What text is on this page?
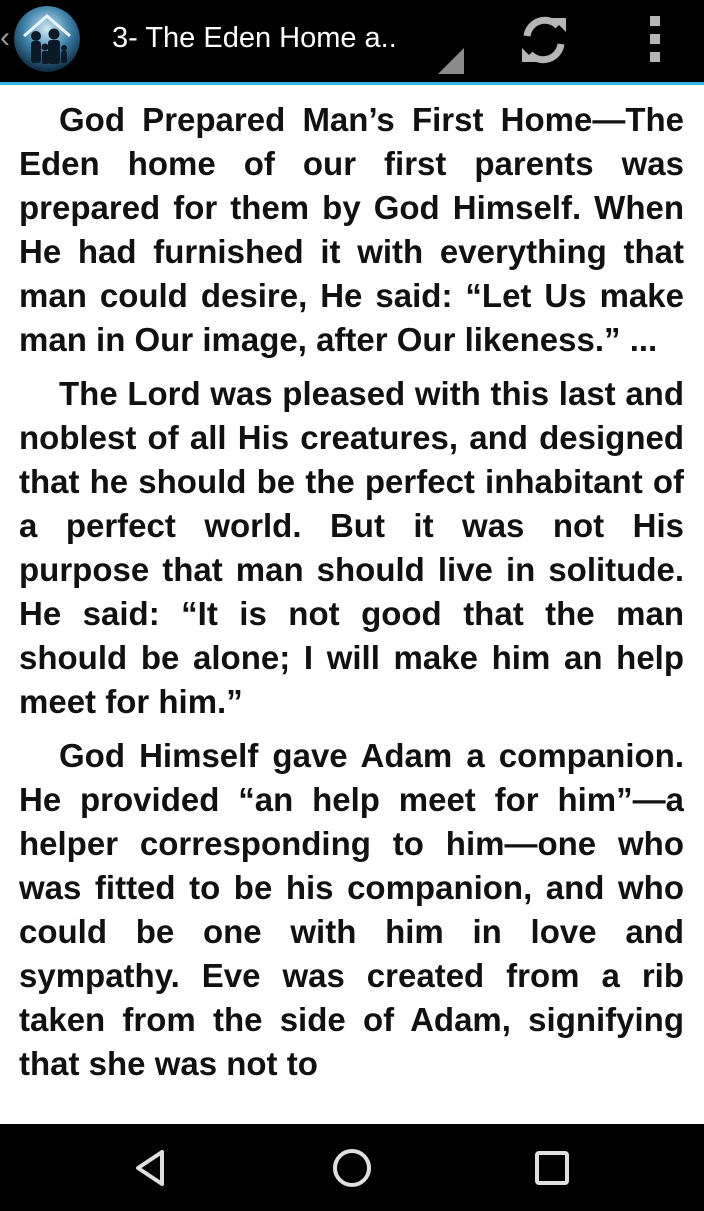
‹	3- The Eden Home a..

God Prepared Man’s First Home—The Eden home of our first parents was prepared for them by God Himself. When He had furnished it with everything that man could desire, He said: “Let Us make man in Our image, after Our likeness.” ...

The Lord was pleased with this last and noblest of all His creatures, and designed that he should be the perfect inhabitant of a perfect world. But it was not His purpose that man should live in solitude. He said: “It is not good that the man should be alone; I will make him an help meet for him.”

God Himself gave Adam a companion. He provided “an help meet for him”—a helper corresponding to him—one who was fitted to be his companion, and who could be one with him in love and sympathy. Eve was created from a rib taken from the side of Adam, signifying that she was not to
